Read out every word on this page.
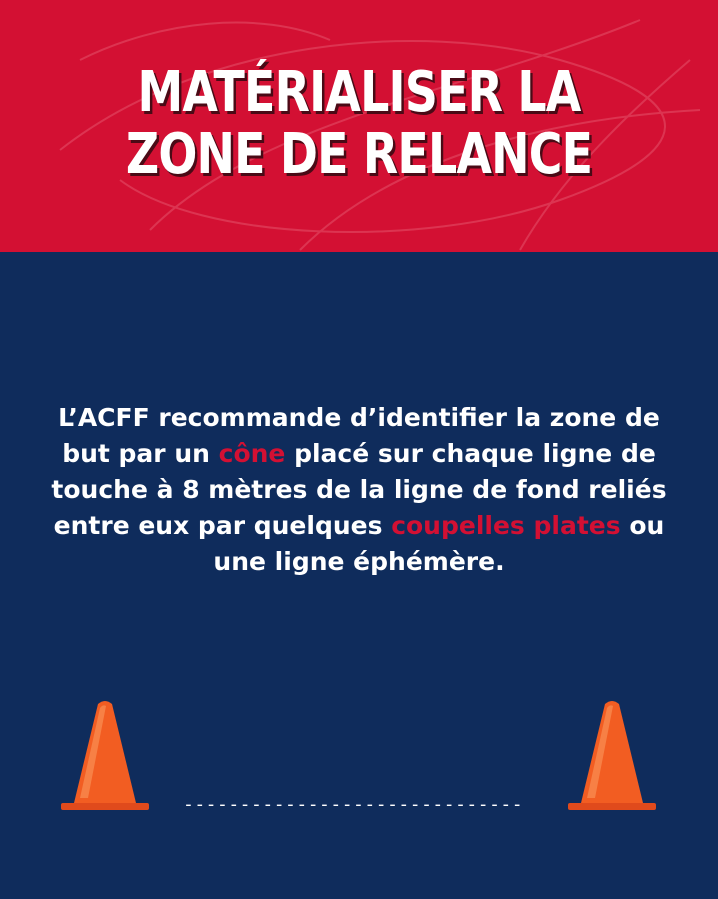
MATÉRIALISER LA
ZONE DE RELANCE
L’ACFF recommande d’identifier la zone de but par un cône placé sur chaque ligne de touche à 8 mètres de la ligne de fond reliés entre eux par quelques coupelles plates ou une ligne éphémère.
------------------------------
